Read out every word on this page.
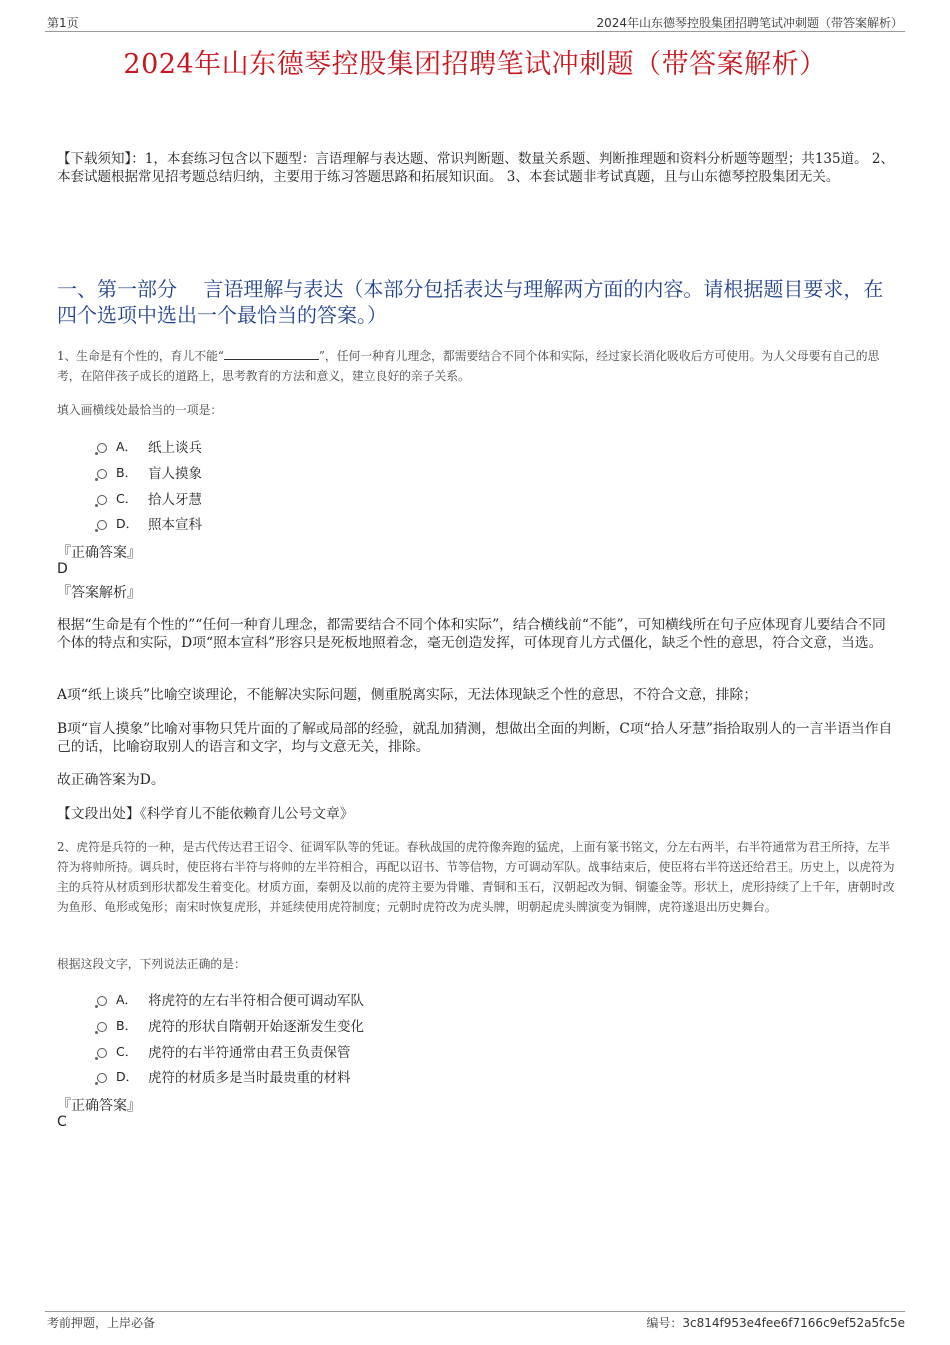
第1页	2024年山东德琴控股集团招聘笔试冲刺题（带答案解析）
2024年山东德琴控股集团招聘笔试冲刺题（带答案解析）
【下载须知】：1，本套练习包含以下题型：言语理解与表达题、常识判断题、数量关系题、判断推理题和资料分析题等题型；共135道。 2、本套试题根据常见招考题总结归纳，主要用于练习答题思路和拓展知识面。 3、本套试题非考试真题，且与山东德琴控股集团无关。
一、第一部分　 言语理解与表达（本部分包括表达与理解两方面的内容。请根据题目要求，在四个选项中选出一个最恰当的答案。）
1、生命是有个性的，育儿不能“	”，任何一种育儿理念，都需要结合不同个体和实际，经过家长消化吸收后方可使用。为人父母要有自己的思考，在陪伴孩子成长的道路上，思考教育的方法和意义，建立良好的亲子关系。
填入画横线处最恰当的一项是：
A． 纸上谈兵
B． 盲人摸象
C． 拾人牙慧
D． 照本宣科
『正确答案』
D
『答案解析』
根据“生命是有个性的”“任何一种育儿理念，都需要结合不同个体和实际”，结合横线前“不能”，可知横线所在句子应体现育儿要结合不同个体的特点和实际，D项“照本宣科”形容只是死板地照着念，毫无创造发挥，可体现育儿方式僵化，缺乏个性的意思，符合文意，当选。
A项“纸上谈兵”比喻空谈理论，不能解决实际问题，侧重脱离实际，无法体现缺乏个性的意思，不符合文意，排除；
B项“盲人摸象”比喻对事物只凭片面的了解或局部的经验，就乱加猜测，想做出全面的判断，C项“拾人牙慧”指拾取别人的一言半语当作自己的话，比喻窃取别人的语言和文字，均与文意无关，排除。
故正确答案为D。
【文段出处】《科学育儿不能依赖育儿公号文章》
2、虎符是兵符的一种，是古代传达君王诏令、征调军队等的凭证。春秋战国的虎符像奔跑的猛虎，上面有篆书铭文，分左右两半，右半符通常为君王所持，左半符为将帅所持。调兵时，使臣将右半符与将帅的左半符相合，再配以诏书、节等信物，方可调动军队。战事结束后，使臣将右半符送还给君王。历史上，以虎符为主的兵符从材质到形状都发生着变化。材质方面，秦朝及以前的虎符主要为骨雕、青铜和玉石，汉朝起改为铜、铜鎏金等。形状上，虎形持续了上千年，唐朝时改为鱼形、龟形或兔形；南宋时恢复虎形，并延续使用虎符制度；元朝时虎符改为虎头牌，明朝起虎头牌演变为铜牌，虎符遂退出历史舞台。
根据这段文字，下列说法正确的是：
A． 将虎符的左右半符相合便可调动军队
B． 虎符的形状自隋朝开始逐渐发生变化
C． 虎符的右半符通常由君王负责保管
D． 虎符的材质多是当时最贵重的材料
『正确答案』
C
考前押题，上岸必备	编号：3c814f953e4fee6f7166c9ef52a5fc5e
